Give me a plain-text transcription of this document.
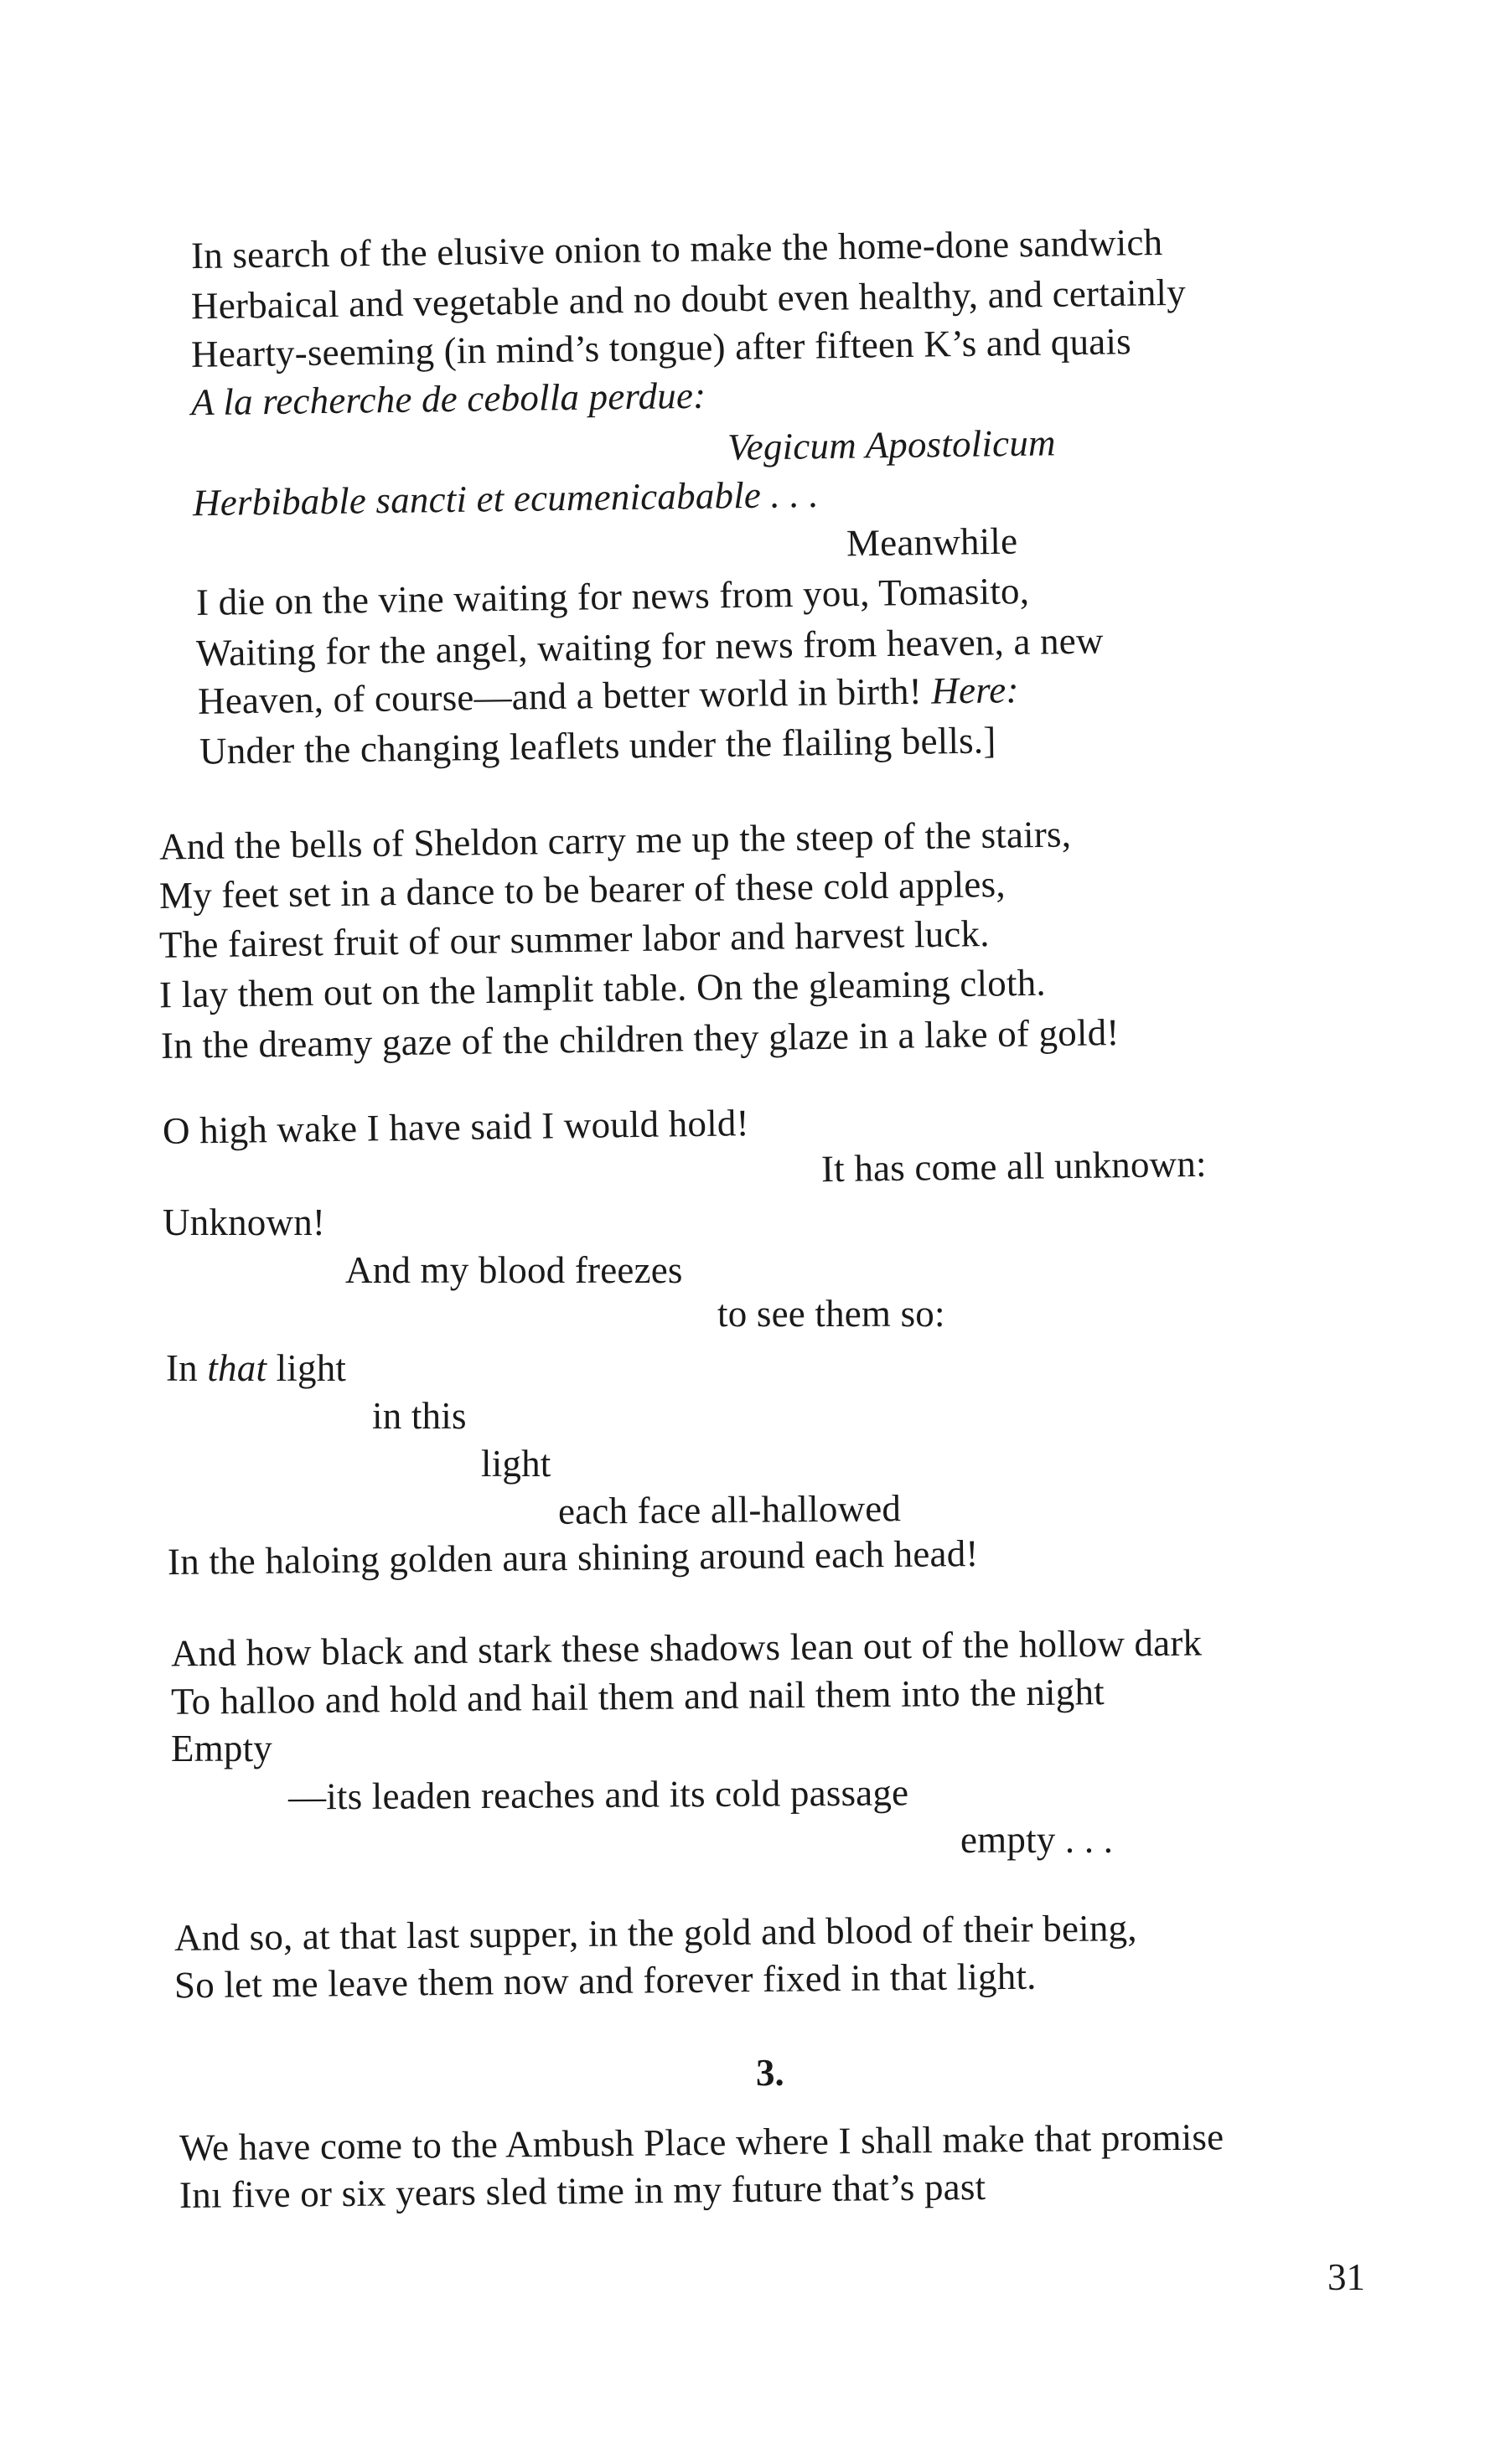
In search of the elusive onion to make the home-done sandwich
Herbaical and vegetable and no doubt even healthy, and certainly
Hearty-seeming (in mind’s tongue) after fifteen K’s and quais
A la recherche de cebolla perdue:
Vegicum Apostolicum
Herbibable sancti et ecumenicabable . . .
Meanwhile
I die on the vine waiting for news from you, Tomasito,
Waiting for the angel, waiting for news from heaven, a new
Heaven, of course—and a better world in birth! Here:
Under the changing leaflets under the flailing bells.]
And the bells of Sheldon carry me up the steep of the stairs,
My feet set in a dance to be bearer of these cold apples,
The fairest fruit of our summer labor and harvest luck.
I lay them out on the lamplit table. On the gleaming cloth.
In the dreamy gaze of the children they glaze in a lake of gold!
O high wake I have said I would hold!
It has come all unknown:
Unknown!
And my blood freezes
to see them so:
In that light
in this
light
each face all-hallowed
In the haloing golden aura shining around each head!
And how black and stark these shadows lean out of the hollow dark
To halloo and hold and hail them and nail them into the night
Empty
—its leaden reaches and its cold passage
empty . . .
And so, at that last supper, in the gold and blood of their being,
So let me leave them now and forever fixed in that light.
3.
We have come to the Ambush Place where I shall make that promise
Inı five or six years sled time in my future that’s past
31
